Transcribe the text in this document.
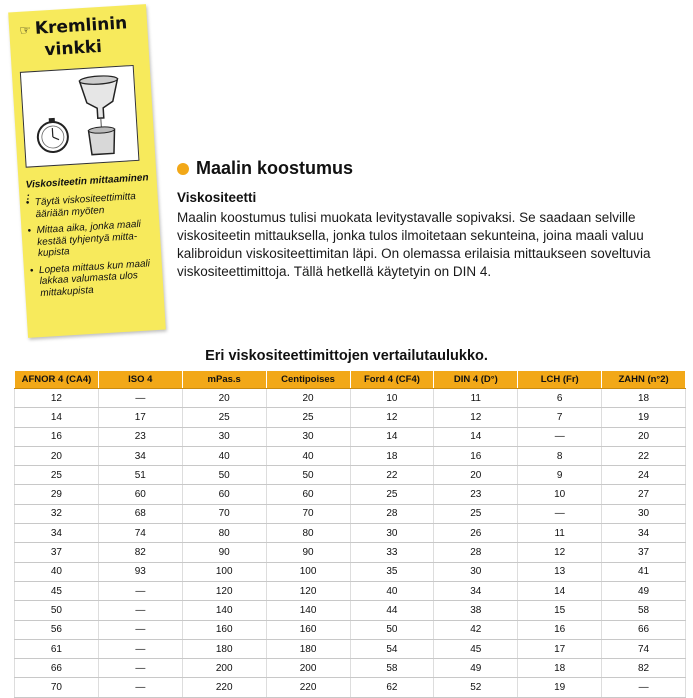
☞ Kremlinin
vinkki
Viskositeetin mittaaminen : • Täytä viskositeettimitta ääriään myöten
• Mittaa aika, jonka maali kestää tyhjentyä mitta-kupista
• Lopeta mittaus kun maali lakkaa valumasta ulos mittakupista
Maalin koostumus
Viskositeetti
Maalin koostumus tulisi muokata levitystavalle sopivaksi. Se saadaan selville viskositeetin mittauksella, jonka tulos ilmoitetaan sekunteina, joina maali valuu kalibroidun viskositeettimitan läpi. On olemassa erilaisia mittaukseen soveltuvia viskositeettimittoja. Tällä hetkellä käytetyin on DIN 4.
Eri viskositeettimittojen vertailutaulukko.
AFNOR 4 (CA4)	ISO 4	mPas.s	Centipoises	Ford 4 (CF4)	DIN 4 (D°)	LCH (Fr)	ZAHN (n°2)
12	—	20	20	10	11	6	18
14	17	25	25	12	12	7	19
16	23	30	30	14	14	—	20
20	34	40	40	18	16	8	22
25	51	50	50	22	20	9	24
29	60	60	60	25	23	10	27
32	68	70	70	28	25	—	30
34	74	80	80	30	26	11	34
37	82	90	90	33	28	12	37
40	93	100	100	35	30	13	41
45	—	120	120	40	34	14	49
50	—	140	140	44	38	15	58
56	—	160	160	50	42	16	66
61	—	180	180	54	45	17	74
66	—	200	200	58	49	18	82
70	—	220	220	62	52	19	—
